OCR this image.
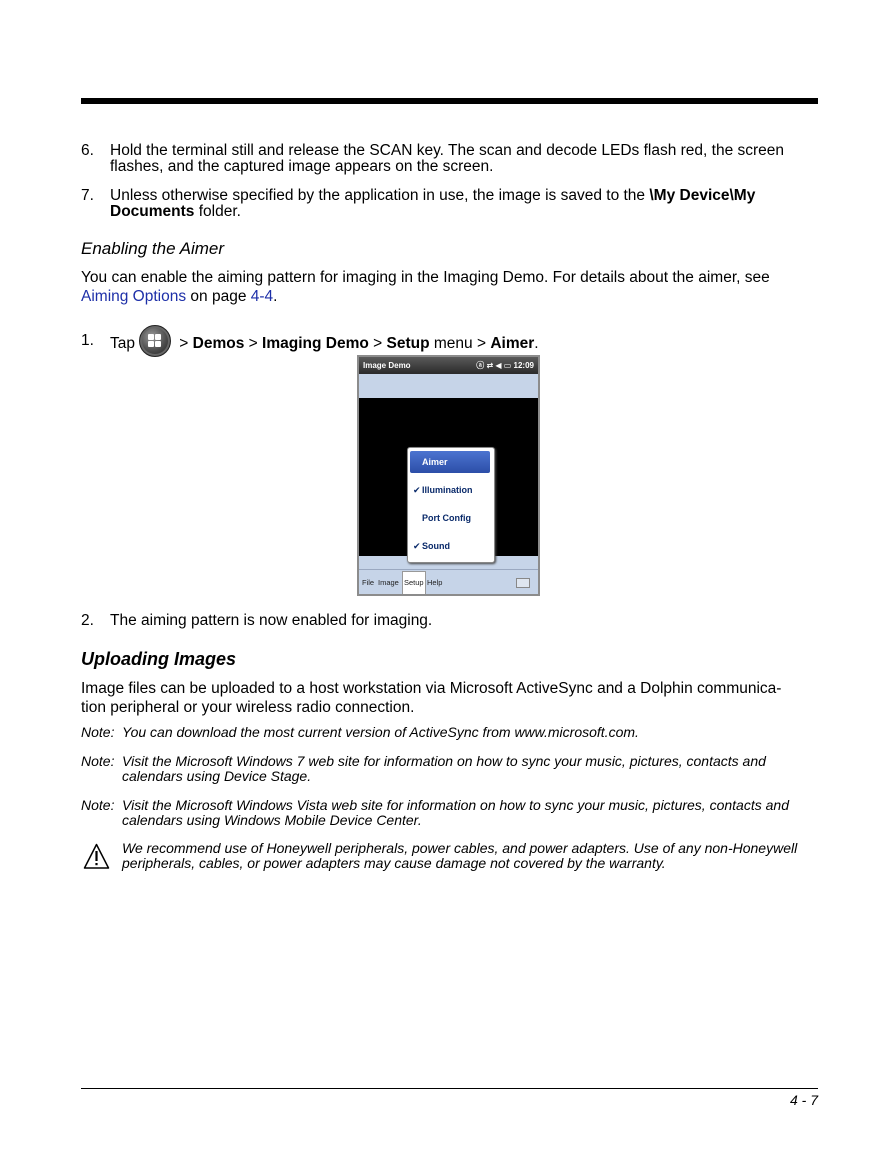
6. Hold the terminal still and release the SCAN key. The scan and decode LEDs flash red, the screen
flashes, and the captured image appears on the screen.
7. Unless otherwise specified by the application in use, the image is saved to the \My Device\My
Documents folder.
Enabling the Aimer
You can enable the aiming pattern for imaging in the Imaging Demo. For details about the aimer, see
Aiming Options on page 4-4.
1. Tap	> Demos > Imaging Demo > Setup menu > Aimer.
Image Demo	ⓐ ⇄ ◀ ▭ 12:09
Aimer
✔ Illumination
Port Config
✔ Sound
File Image Setup Help
2. The aiming pattern is now enabled for imaging.
Uploading Images
Image files can be uploaded to a host workstation via Microsoft ActiveSync and a Dolphin communica-
tion peripheral or your wireless radio connection.
Note: You can download the most current version of ActiveSync from www.microsoft.com.
Note: Visit the Microsoft Windows 7 web site for information on how to sync your music, pictures, contacts and
calendars using Device Stage.
Note: Visit the Microsoft Windows Vista web site for information on how to sync your music, pictures, contacts and
calendars using Windows Mobile Device Center.
We recommend use of Honeywell peripherals, power cables, and power adapters. Use of any non-Honeywell
peripherals, cables, or power adapters may cause damage not covered by the warranty.
4 - 7
